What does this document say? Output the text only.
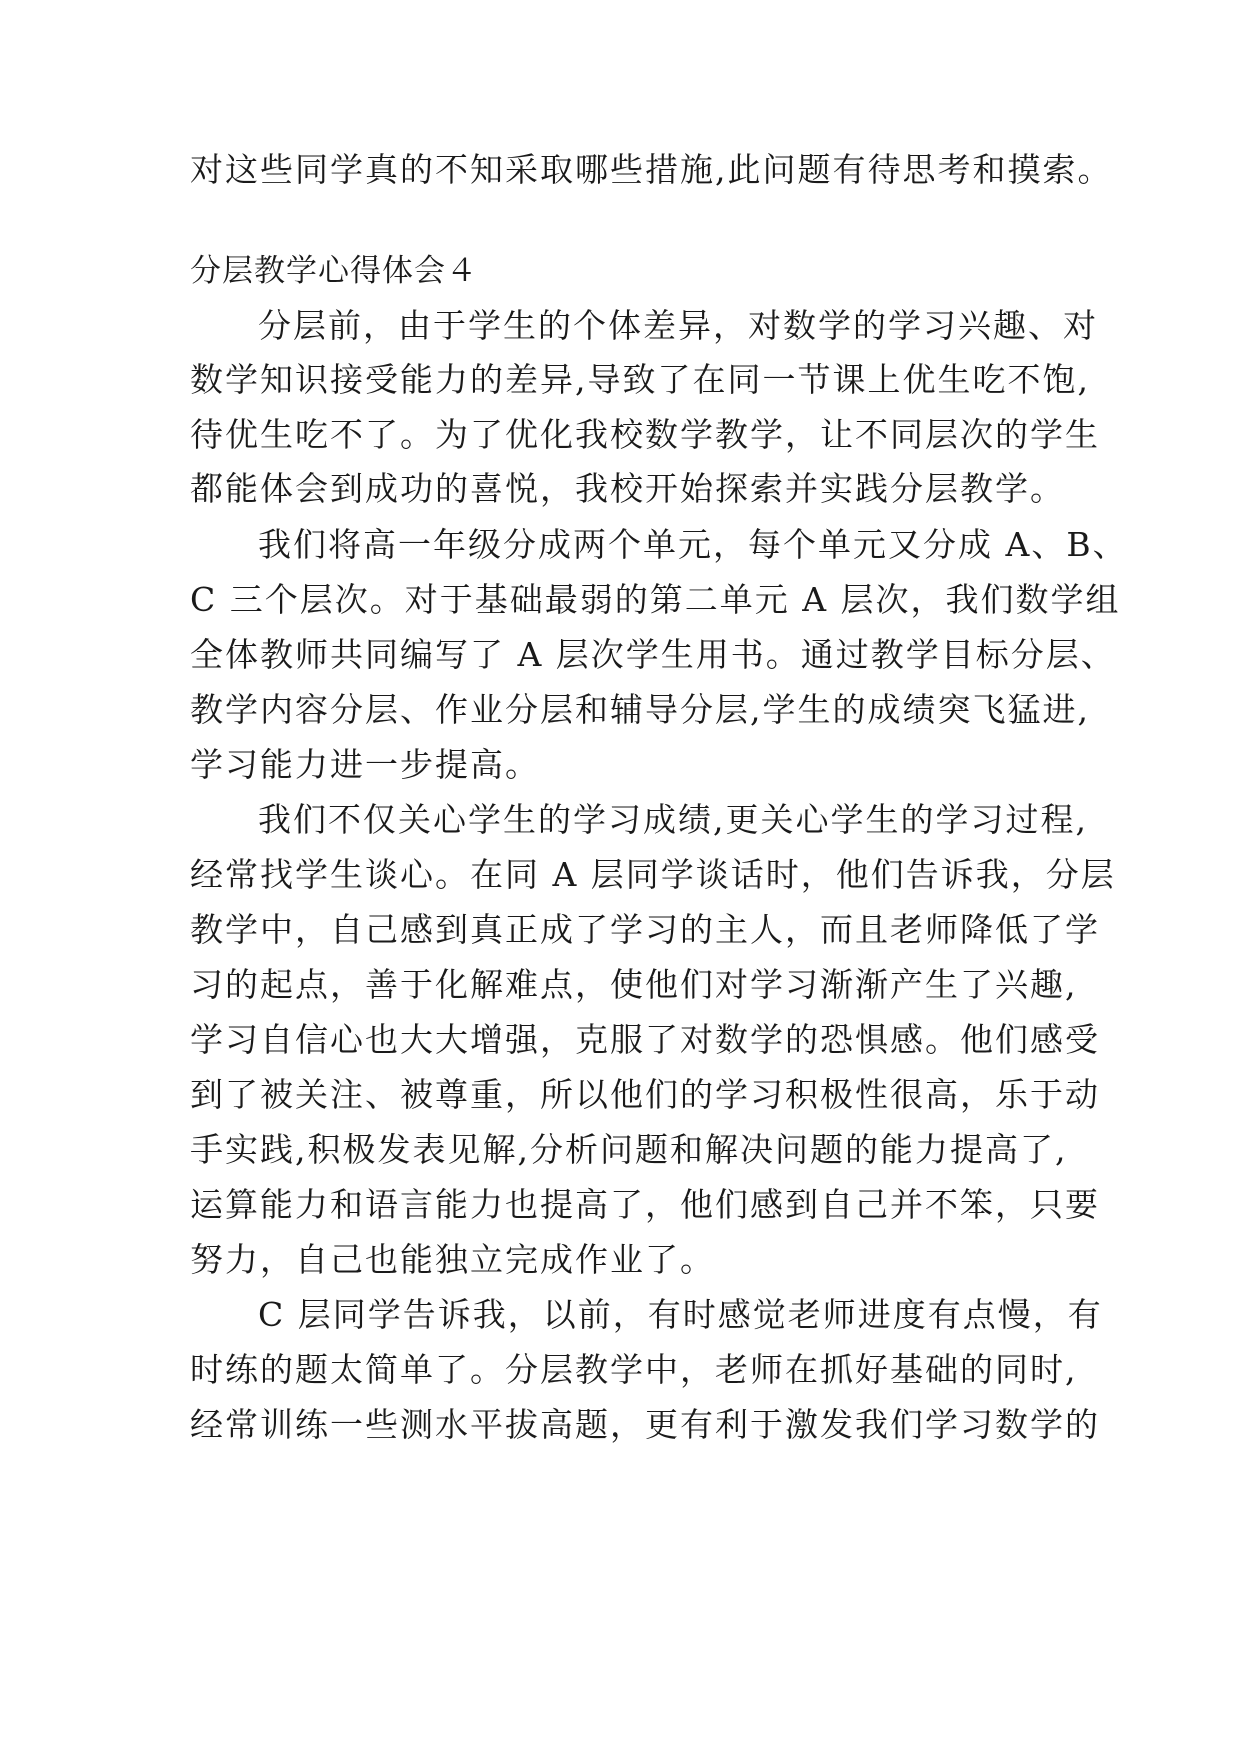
对这些同学真的不知采取哪些措施,此问题有待思考和摸索。
分层教学心得体会４
分层前，由于学生的个体差异，对数学的学习兴趣、对
数学知识接受能力的差异,导致了在同一节课上优生吃不饱,
待优生吃不了。为了优化我校数学教学，让不同层次的学生
都能体会到成功的喜悦，我校开始探索并实践分层教学。
我们将高一年级分成两个单元，每个单元又分成 A、B、
C 三个层次。对于基础最弱的第二单元 A 层次，我们数学组
全体教师共同编写了 A 层次学生用书。通过教学目标分层、
教学内容分层、作业分层和辅导分层,学生的成绩突飞猛进,
学习能力进一步提高。
我们不仅关心学生的学习成绩,更关心学生的学习过程,
经常找学生谈心。在同 A 层同学谈话时，他们告诉我，分层
教学中，自己感到真正成了学习的主人，而且老师降低了学
习的起点，善于化解难点，使他们对学习渐渐产生了兴趣,
学习自信心也大大增强，克服了对数学的恐惧感。他们感受
到了被关注、被尊重，所以他们的学习积极性很高，乐于动
手实践,积极发表见解,分析问题和解决问题的能力提高了,
运算能力和语言能力也提高了，他们感到自己并不笨，只要
努力，自己也能独立完成作业了。
C 层同学告诉我，以前，有时感觉老师进度有点慢，有
时练的题太简单了。分层教学中，老师在抓好基础的同时,
经常训练一些测水平拔高题，更有利于激发我们学习数学的
